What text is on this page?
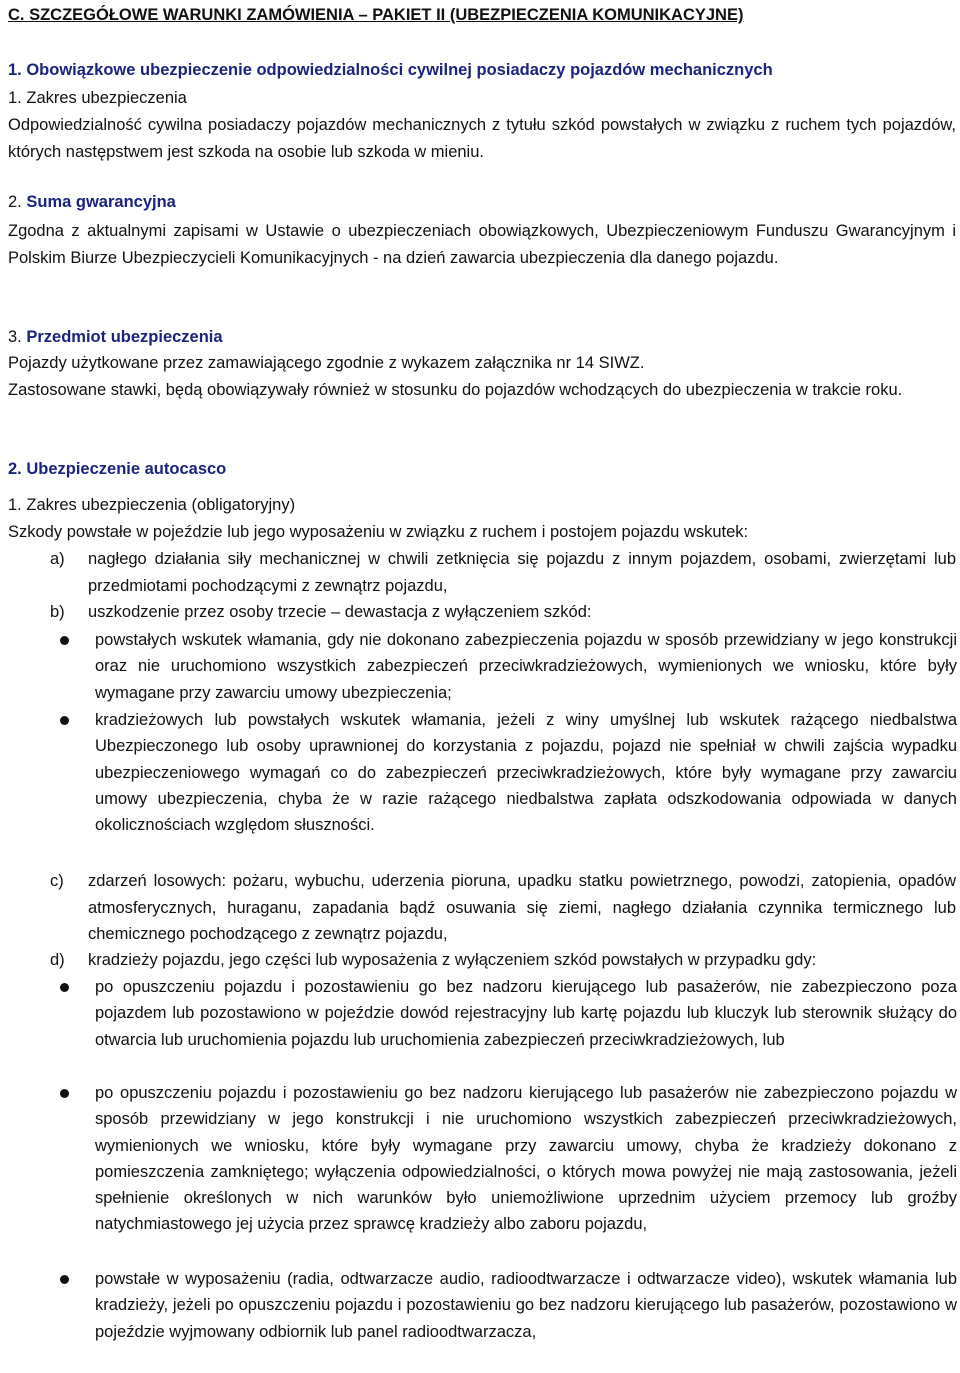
C. SZCZEGÓŁOWE WARUNKI ZAMÓWIENIA – PAKIET II (UBEZPIECZENIA KOMUNIKACYJNE)
1. Obowiązkowe ubezpieczenie odpowiedzialności cywilnej posiadaczy pojazdów mechanicznych
1. Zakres ubezpieczenia
Odpowiedzialność cywilna posiadaczy pojazdów mechanicznych z tytułu szkód powstałych w związku z ruchem tych pojazdów, których następstwem jest szkoda na osobie lub szkoda w mieniu.
2. Suma gwarancyjna
Zgodna z aktualnymi zapisami w Ustawie o ubezpieczeniach obowiązkowych, Ubezpieczeniowym Funduszu Gwarancyjnym i Polskim Biurze Ubezpieczycieli Komunikacyjnych - na dzień zawarcia ubezpieczenia dla danego pojazdu.
3. Przedmiot ubezpieczenia
Pojazdy użytkowane przez zamawiającego zgodnie z wykazem załącznika nr 14 SIWZ.
Zastosowane stawki, będą obowiązywały również w stosunku do pojazdów wchodzących do ubezpieczenia w trakcie roku.
2. Ubezpieczenie autocasco
1. Zakres ubezpieczenia (obligatoryjny)
Szkody powstałe w pojeździe lub jego wyposażeniu w związku z ruchem i postojem pojazdu wskutek:
a)	nagłego działania siły mechanicznej w chwili zetknięcia się pojazdu z innym pojazdem, osobami, zwierzętami lub przedmiotami pochodzącymi z zewnątrz pojazdu,
b)	uszkodzenie przez osoby trzecie – dewastacja z wyłączeniem szkód:
powstałych wskutek włamania, gdy nie dokonano zabezpieczenia pojazdu w sposób przewidziany w jego konstrukcji oraz nie uruchomiono wszystkich zabezpieczeń przeciwkradzieżowych, wymienionych we wniosku, które były wymagane przy zawarciu umowy ubezpieczenia;
kradzieżowych lub powstałych wskutek włamania, jeżeli z winy umyślnej lub wskutek rażącego niedbalstwa Ubezpieczonego lub osoby uprawnionej do korzystania z pojazdu, pojazd nie spełniał w chwili zajścia wypadku ubezpieczeniowego wymagań co do zabezpieczeń przeciwkradzieżowych, które były wymagane przy zawarciu umowy ubezpieczenia, chyba że w razie rażącego niedbalstwa zapłata odszkodowania odpowiada w danych okolicznościach względom słuszności.
c)	zdarzeń losowych: pożaru, wybuchu, uderzenia pioruna, upadku statku powietrznego, powodzi, zatopienia, opadów atmosferycznych, huraganu, zapadania bądź osuwania się ziemi, nagłego działania czynnika termicznego lub chemicznego pochodzącego z zewnątrz pojazdu,
d)	kradzieży pojazdu, jego części lub wyposażenia z wyłączeniem szkód powstałych w przypadku gdy:
po opuszczeniu pojazdu i pozostawieniu go bez nadzoru kierującego lub pasażerów, nie zabezpieczono poza pojazdem lub pozostawiono w pojeździe dowód rejestracyjny lub kartę pojazdu lub kluczyk lub sterownik służący do otwarcia lub uruchomienia pojazdu lub uruchomienia zabezpieczeń przeciwkradzieżowych, lub
po opuszczeniu pojazdu i pozostawieniu go bez nadzoru kierującego lub pasażerów nie zabezpieczono pojazdu w sposób przewidziany w jego konstrukcji i nie uruchomiono wszystkich zabezpieczeń przeciwkradzieżowych, wymienionych we wniosku, które były wymagane przy zawarciu umowy, chyba że kradzieży dokonano z pomieszczenia zamkniętego; wyłączenia odpowiedzialności, o których mowa powyżej nie mają zastosowania, jeżeli spełnienie określonych w nich warunków było uniemożliwione uprzednim użyciem przemocy lub groźby natychmiastowego jej użycia przez sprawcę kradzieży albo zaboru pojazdu,
powstałe w wyposażeniu (radia, odtwarzacze audio, radioodtwarzacze i odtwarzacze video), wskutek włamania lub kradzieży, jeżeli po opuszczeniu pojazdu i pozostawieniu go bez nadzoru kierującego lub pasażerów, pozostawiono w pojeździe wyjmowany odbiornik lub panel radioodtwarzacza,
